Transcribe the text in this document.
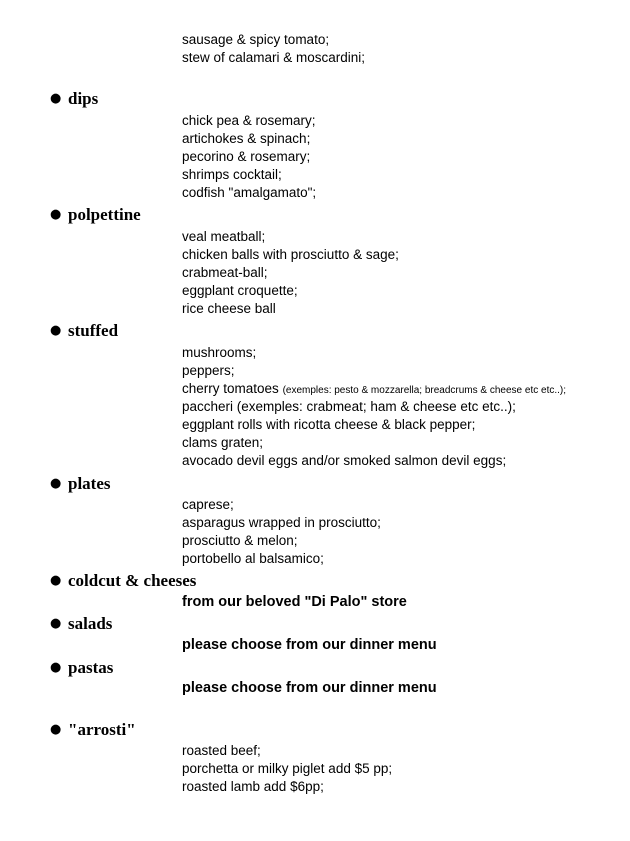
sausage & spicy tomato;
stew of calamari & moscardini;
● dips
chick pea & rosemary;
artichokes & spinach;
pecorino & rosemary;
shrimps cocktail;
codfish "amalgamato";
● polpettine
veal meatball;
chicken balls with prosciutto & sage;
crabmeat-ball;
eggplant croquette;
rice cheese ball
● stuffed
mushrooms;
peppers;
cherry tomatoes (exemples: pesto & mozzarella; breadcrums & cheese etc etc..);
paccheri (exemples: crabmeat; ham & cheese etc etc..);
eggplant rolls with ricotta cheese & black pepper;
clams graten;
avocado devil eggs and/or smoked salmon devil eggs;
● plates
caprese;
asparagus wrapped in prosciutto;
prosciutto & melon;
portobello al balsamico;
● coldcut & cheeses
from our beloved "Di Palo" store
● salads
please choose from our dinner menu
● pastas
please choose from our dinner menu
● "arrosti"
roasted beef;
porchetta or milky piglet add $5 pp;
roasted lamb add $6pp;
